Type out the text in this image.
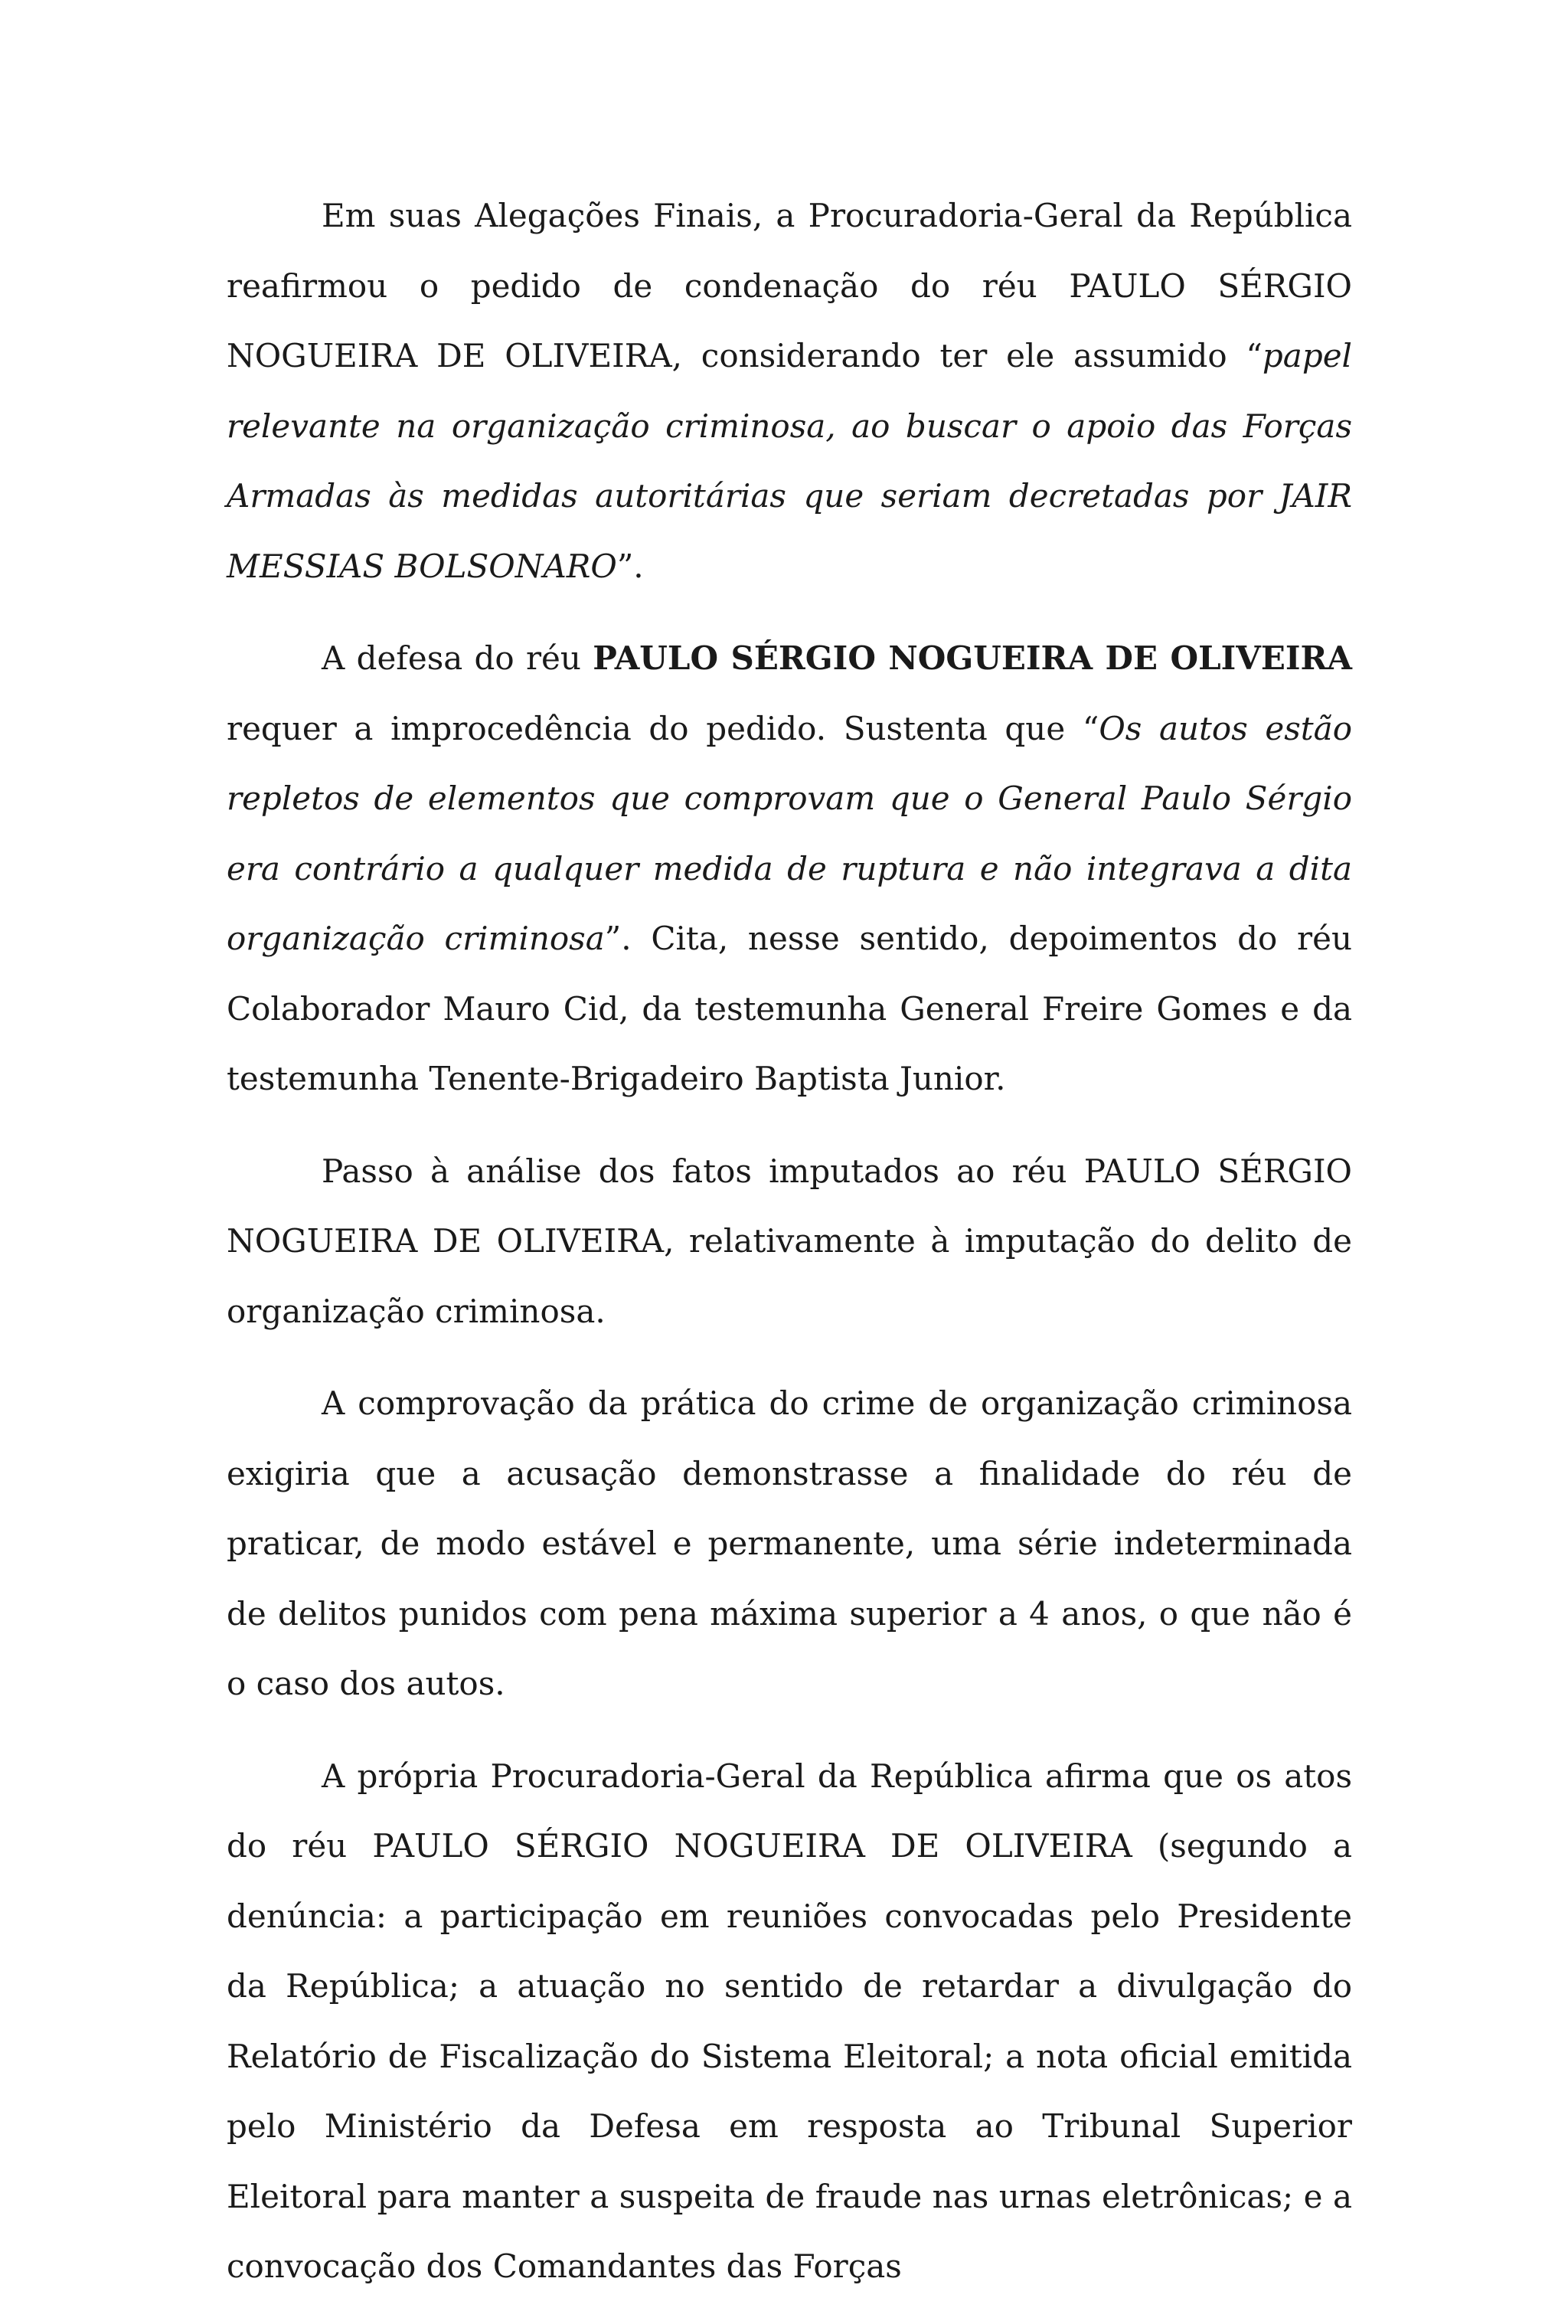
Em suas Alegações Finais, a Procuradoria-Geral da República reafirmou o pedido de condenação do réu PAULO SÉRGIO NOGUEIRA DE OLIVEIRA, considerando ter ele assumido “papel relevante na organização criminosa, ao buscar o apoio das Forças Armadas às medidas autoritárias que seriam decretadas por JAIR MESSIAS BOLSONARO”.

A defesa do réu PAULO SÉRGIO NOGUEIRA DE OLIVEIRA requer a improcedência do pedido. Sustenta que “Os autos estão repletos de elementos que comprovam que o General Paulo Sérgio era contrário a qualquer medida de ruptura e não integrava a dita organização criminosa”. Cita, nesse sentido, depoimentos do réu Colaborador Mauro Cid, da testemunha General Freire Gomes e da testemunha Tenente-Brigadeiro Baptista Junior.

Passo à análise dos fatos imputados ao réu PAULO SÉRGIO NOGUEIRA DE OLIVEIRA, relativamente à imputação do delito de organização criminosa.

A comprovação da prática do crime de organização criminosa exigiria que a acusação demonstrasse a finalidade do réu de praticar, de modo estável e permanente, uma série indeterminada de delitos punidos com pena máxima superior a 4 anos, o que não é o caso dos autos.

A própria Procuradoria-Geral da República afirma que os atos do réu PAULO SÉRGIO NOGUEIRA DE OLIVEIRA (segundo a denúncia: a participação em reuniões convocadas pelo Presidente da República; a atuação no sentido de retardar a divulgação do Relatório de Fiscalização do Sistema Eleitoral; a nota oficial emitida pelo Ministério da Defesa em resposta ao Tribunal Superior Eleitoral para manter a suspeita de fraude nas urnas eletrônicas; e a convocação dos Comandantes das Forças
